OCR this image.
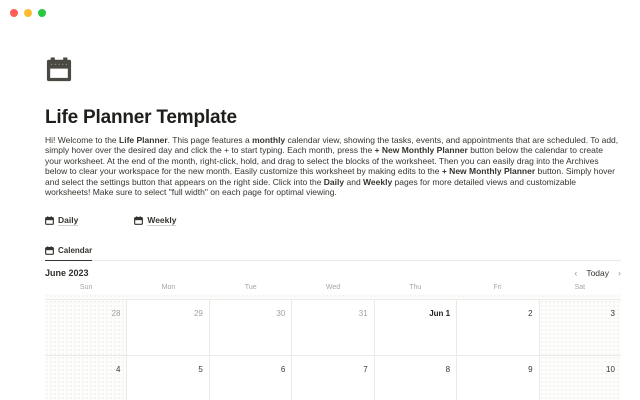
Life Planner Template

Hi! Welcome to the Life Planner. This page features a monthly calendar view, showing the tasks, events, and appointments that are scheduled. To add, simply hover over the desired day and click the + to start typing. Each month, press the + New Monthly Planner button below the calendar to create your worksheet. At the end of the month, right-click, hold, and drag to select the blocks of the worksheet. Then you can easily drag into the Archives below to clear your workspace for the new month. Easily customize this worksheet by making edits to the + New Monthly Planner button. Simply hover and select the settings button that appears on the right side. Click into the Daily and Weekly pages for more detailed views and customizable worksheets! Make sure to select "full width" on each page for optimal viewing.

Daily	Weekly
Calendar
June 2023	‹ Today ›
Sun	Mon	Tue	Wed	Thu	Fri	Sat
28	29	30	31	Jun 1	2	3
4	5	6	7	8	9	10
